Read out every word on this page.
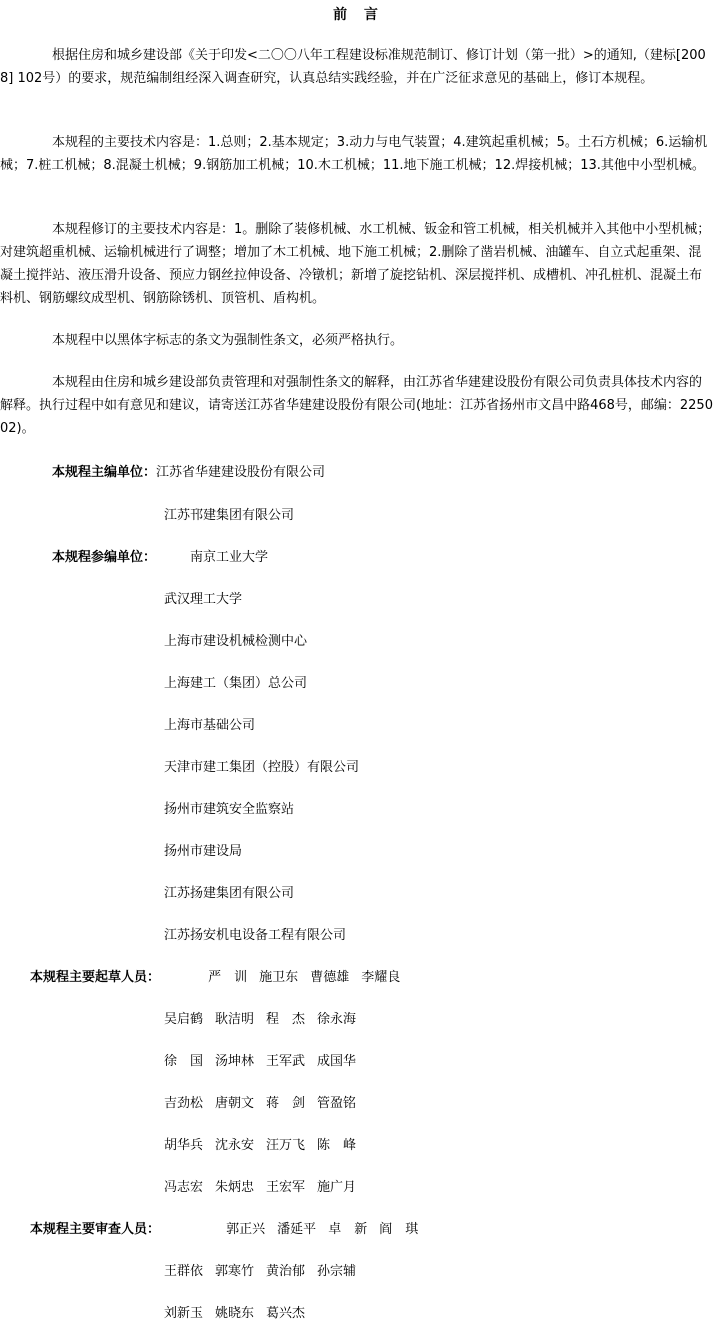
前 言

根据住房和城乡建设部《关于印发<二〇〇八年工程建设标准规范制订、修订计划（第一批）>的通知,（建标[2008] 102号）的要求，规范编制组经深入调查研究，认真总结实践经验，并在广泛征求意见的基础上，修订本规程。

本规程的主要技术内容是：1.总则；2.基本规定；3.动力与电气装置；4.建筑起重机械；5。土石方机械；6.运输机械；7.桩工机械；8.混凝土机械；9.钢筋加工机械；10.木工机械；11.地下施工机械；12.焊接机械；13.其他中小型机械。

本规程修订的主要技术内容是：1。删除了装修机械、水工机械、钣金和管工机械，相关机械并入其他中小型机械；对建筑超重机械、运输机械进行了调整；增加了木工机械、地下施工机械；2.删除了凿岩机械、油罐车、自立式起重架、混凝土搅拌站、液压滑升设备、预应力钢丝拉伸设备、冷镦机；新增了旋挖钻机、深层搅拌机、成槽机、冲孔桩机、混凝土布料机、钢筋螺纹成型机、钢筋除锈机、顶管机、盾构机。

本规程中以黑体字标志的条文为强制性条文，必须严格执行。

本规程由住房和城乡建设部负责管理和对强制性条文的解释，由江苏省华建建设股份有限公司负责具体技术内容的解释。执行过程中如有意见和建议，请寄送江苏省华建建设股份有限公司(地址：江苏省扬州市文昌中路468号，邮编：225002)。

本规程主编单位：江苏省华建建设股份有限公司
江苏邗建集团有限公司
本规程参编单位：	南京工业大学
武汉理工大学
上海市建设机械检测中心
上海建工（集团）总公司
上海市基础公司
天津市建工集团（控股）有限公司
扬州市建筑安全监察站
扬州市建设局
江苏扬建集团有限公司
江苏扬安机电设备工程有限公司
本规程主要起草人员：	严　训 施卫东 曹德雄 李耀良
吴启鹤 耿洁明 程　杰 徐永海
徐　国 汤坤林 王军武 成国华
吉劲松 唐朝文 蒋　剑 管盈铭
胡华兵 沈永安 汪万飞 陈　峰
冯志宏 朱炳忠 王宏军 施广月
本规程主要审查人员：	郭正兴 潘延平 卓　新 阎　琪
王群依 郭寒竹 黄治郁 孙宗辅
刘新玉 姚晓东 葛兴杰
